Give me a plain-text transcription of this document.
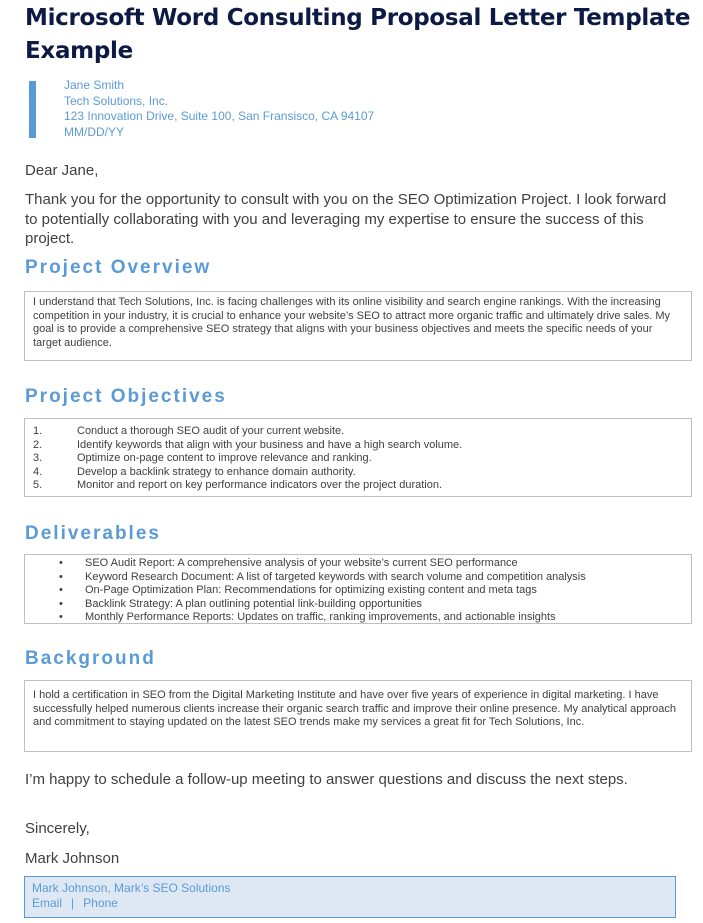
Microsoft Word Consulting Proposal Letter Template Example
Jane Smith
Tech Solutions, Inc.
123 Innovation Drive, Suite 100, San Fransisco, CA 94107
MM/DD/YY
Dear Jane,
Thank you for the opportunity to consult with you on the SEO Optimization Project. I look forward to potentially collaborating with you and leveraging my expertise to ensure the success of this project.
Project Overview

I understand that Tech Solutions, Inc. is facing challenges with its online visibility and search engine rankings. With the increasing competition in your industry, it is crucial to enhance your website’s SEO to attract more organic traffic and ultimately drive sales. My goal is to provide a comprehensive SEO strategy that aligns with your business objectives and meets the specific needs of your target audience.

Project Objectives
1.	Conduct a thorough SEO audit of your current website.
2.	Identify keywords that align with your business and have a high search volume.
3.	Optimize on-page content to improve relevance and ranking.
4.	Develop a backlink strategy to enhance domain authority.
5.	Monitor and report on key performance indicators over the project duration.
Deliverables
•	SEO Audit Report: A comprehensive analysis of your website’s current SEO performance
•	Keyword Research Document: A list of targeted keywords with search volume and competition analysis
•	On-Page Optimization Plan: Recommendations for optimizing existing content and meta tags
•	Backlink Strategy: A plan outlining potential link-building opportunities
•	Monthly Performance Reports: Updates on traffic, ranking improvements, and actionable insights
Background

I hold a certification in SEO from the Digital Marketing Institute and have over five years of experience in digital marketing. I have successfully helped numerous clients increase their organic search traffic and improve their online presence. My analytical approach and commitment to staying updated on the latest SEO trends make my services a great fit for Tech Solutions, Inc.

I’m happy to schedule a follow-up meeting to answer questions and discuss the next steps.
Sincerely,
Mark Johnson
Mark Johnson, Mark’s SEO Solutions
Email | Phone
